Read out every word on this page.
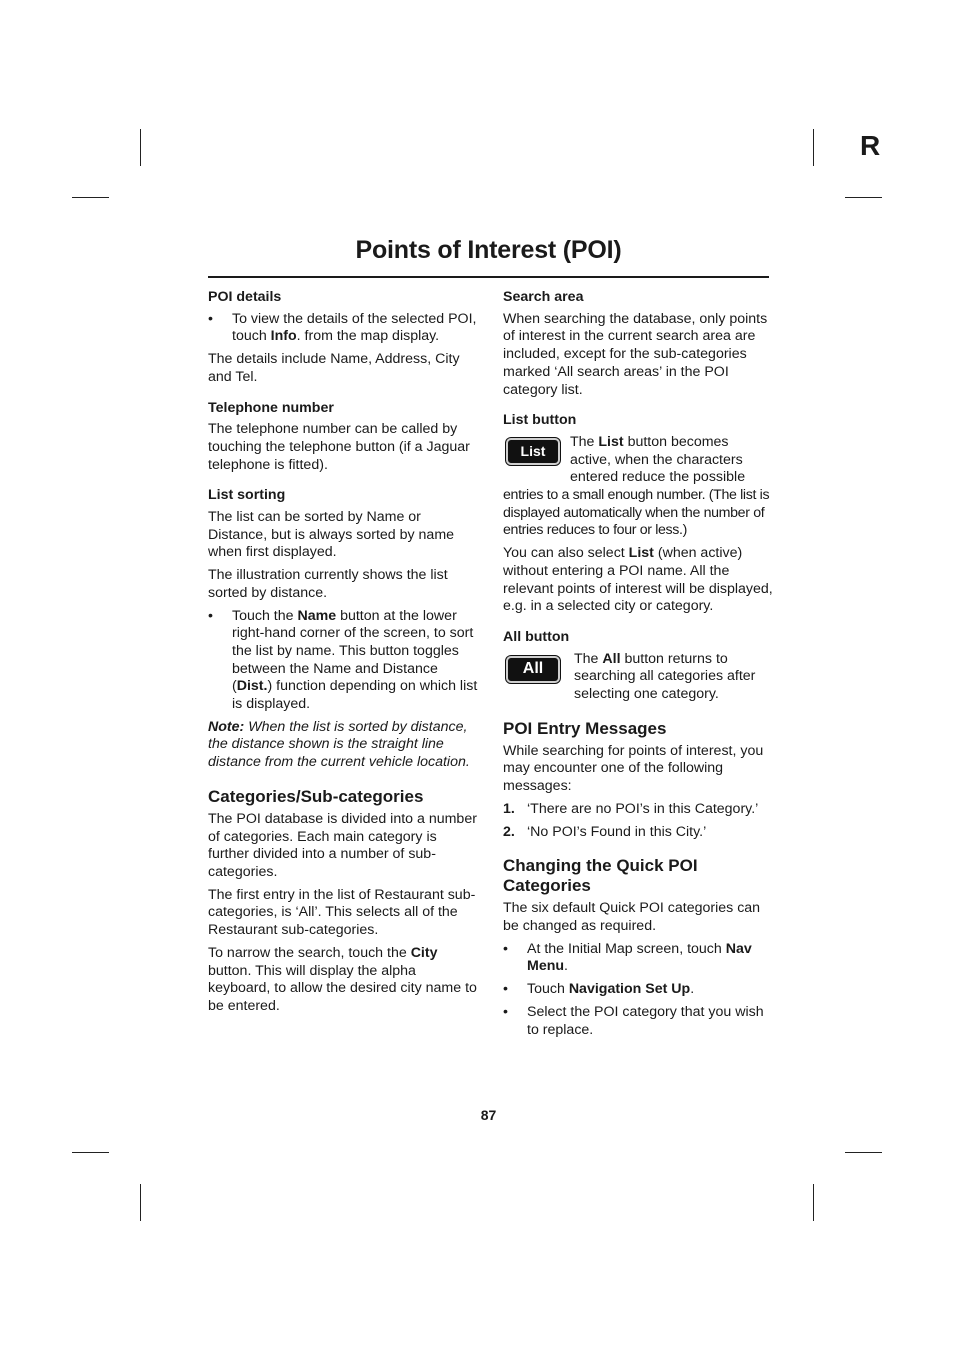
R
Points of Interest (POI)
POI details
• To view the details of the selected POI, touch Info. from the map display.

The details include Name, Address, City and Tel.

Telephone number

The telephone number can be called by touching the telephone button (if a Jaguar telephone is fitted).

List sorting

The list can be sorted by Name or Distance, but is always sorted by name when first displayed.

The illustration currently shows the list sorted by distance.

• Touch the Name button at the lower right-hand corner of the screen, to sort the list by name. This button toggles between the Name and Distance (Dist.) function depending on which list is displayed.

Note: When the list is sorted by distance, the distance shown is the straight line distance from the current vehicle location.

Categories/Sub-categories

The POI database is divided into a number of categories. Each main category is further divided into a number of sub-categories.

The first entry in the list of Restaurant sub-categories, is ‘All’. This selects all of the Restaurant sub-categories.

To narrow the search, touch the City button. This will display the alpha keyboard, to allow the desired city name to be entered.

Search area

When searching the database, only points of interest in the current search area are included, except for the sub-categories marked ‘All search areas’ in the POI category list.

List button
List
The List button becomes active, when the characters entered reduce the possible

entries to a small enough number. (The list is displayed automatically when the number of entries reduces to four or less.)

You can also select List (when active) without entering a POI name. All the relevant points of interest will be displayed, e.g. in a selected city or category.

All button
All
The All button returns to searching all categories after selecting one category.
POI Entry Messages

While searching for points of interest, you may encounter one of the following messages:

1. ‘There are no POI’s in this Category.’
2. ‘No POI’s Found in this City.’
Changing the Quick POI Categories

The six default Quick POI categories can be changed as required.

• At the Initial Map screen, touch Nav Menu.
• Touch Navigation Set Up.
• Select the POI category that you wish to replace.
87
